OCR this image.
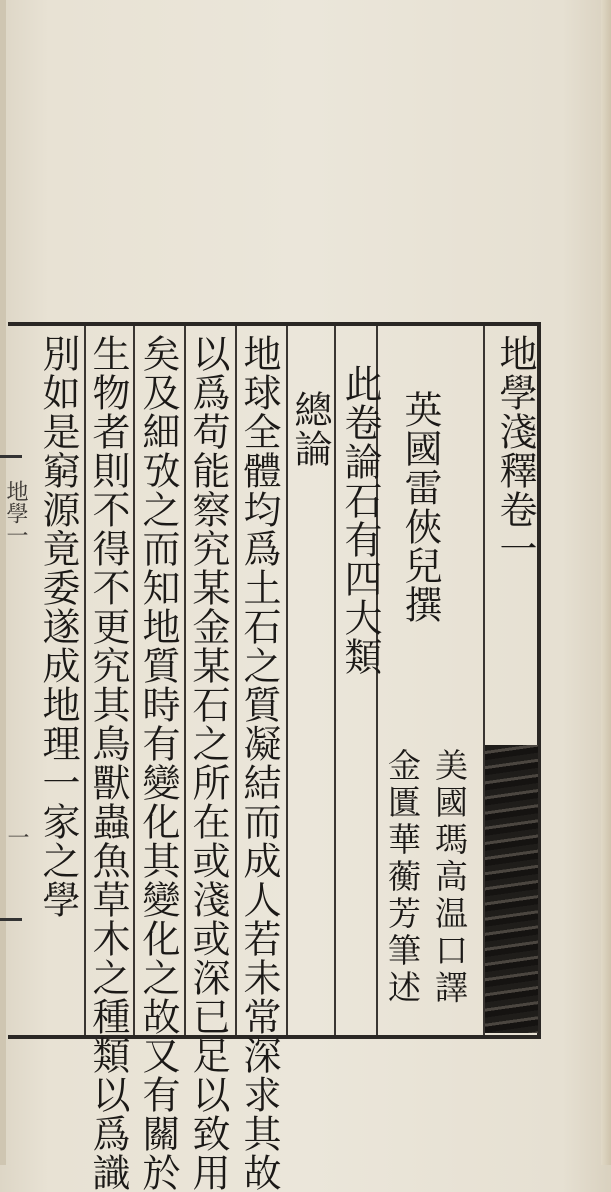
地學淺釋卷一
美國瑪高温口譯
金匱華蘅芳筆述
英國雷俠兒撰
此卷論石有四大類
總論
地球全體均爲土石之質凝結而成人若未常深求其故
以爲苟能察究某金某石之所在或淺或深已足以致用
矣及細攷之而知地質時有變化其變化之故又有關於
生物者則不得不更究其鳥獸蟲魚草木之種類以爲識
別如是窮源竟委遂成地理一家之學
地學一
一
